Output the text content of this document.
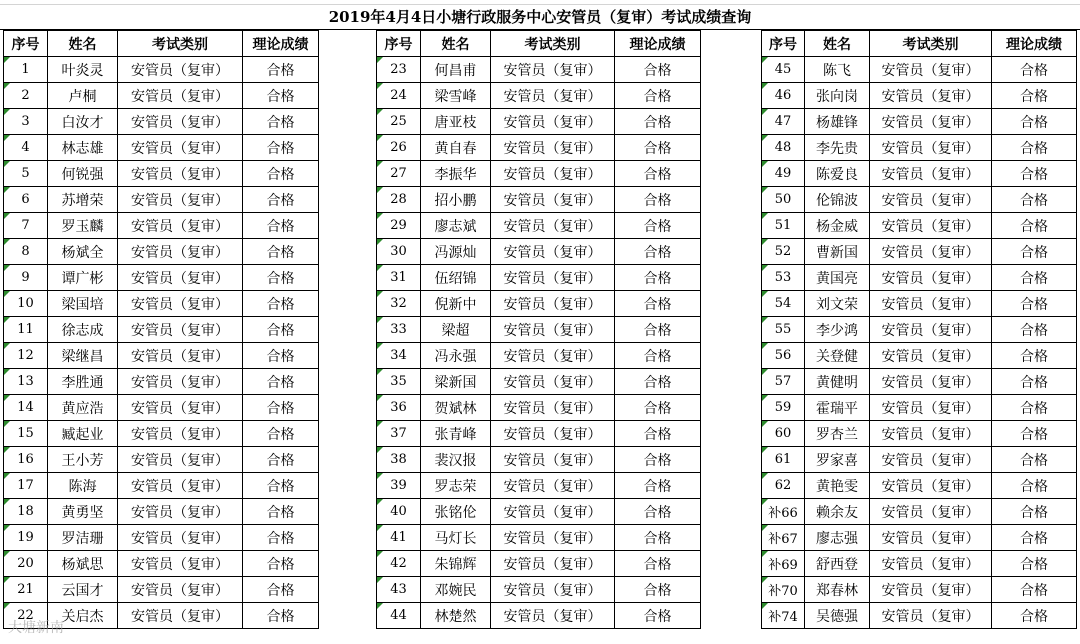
2019年4月4日小塘行政服务中心安管员（复审）考试成绩查询
序号	姓名	考试类别	理论成绩
1	叶炎灵	安管员（复审）	合格
2	卢桐	安管员（复审）	合格
3	白汝才	安管员（复审）	合格
4	林志雄	安管员（复审）	合格
5	何锐强	安管员（复审）	合格
6	苏增荣	安管员（复审）	合格
7	罗玉麟	安管员（复审）	合格
8	杨斌全	安管员（复审）	合格
9	谭广彬	安管员（复审）	合格
10	梁国培	安管员（复审）	合格
11	徐志成	安管员（复审）	合格
12	梁继昌	安管员（复审）	合格
13	李胜通	安管员（复审）	合格
14	黄应浩	安管员（复审）	合格
15	臧起业	安管员（复审）	合格
16	王小芳	安管员（复审）	合格
17	陈海	安管员（复审）	合格
18	黄勇坚	安管员（复审）	合格
19	罗洁珊	安管员（复审）	合格
20	杨斌思	安管员（复审）	合格
21	云国才	安管员（复审）	合格
22	关启杰	安管员（复审）	合格
序号	姓名	考试类别	理论成绩
23	何昌甫	安管员（复审）	合格
24	梁雪峰	安管员（复审）	合格
25	唐亚枝	安管员（复审）	合格
26	黄自春	安管员（复审）	合格
27	李振华	安管员（复审）	合格
28	招小鹏	安管员（复审）	合格
29	廖志斌	安管员（复审）	合格
30	冯源灿	安管员（复审）	合格
31	伍绍锦	安管员（复审）	合格
32	倪新中	安管员（复审）	合格
33	梁超	安管员（复审）	合格
34	冯永强	安管员（复审）	合格
35	梁新国	安管员（复审）	合格
36	贺斌林	安管员（复审）	合格
37	张青峰	安管员（复审）	合格
38	裴汉报	安管员（复审）	合格
39	罗志荣	安管员（复审）	合格
40	张铭伦	安管员（复审）	合格
41	马灯长	安管员（复审）	合格
42	朱锦辉	安管员（复审）	合格
43	邓婉民	安管员（复审）	合格
44	林楚然	安管员（复审）	合格
序号	姓名	考试类别	理论成绩
45	陈飞	安管员（复审）	合格
46	张向岗	安管员（复审）	合格
47	杨雄锋	安管员（复审）	合格
48	李先贵	安管员（复审）	合格
49	陈爱良	安管员（复审）	合格
50	伦锦波	安管员（复审）	合格
51	杨金威	安管员（复审）	合格
52	曹新国	安管员（复审）	合格
53	黄国亮	安管员（复审）	合格
54	刘文荣	安管员（复审）	合格
55	李少鸿	安管员（复审）	合格
56	关登健	安管员（复审）	合格
57	黄健明	安管员（复审）	合格
59	霍瑞平	安管员（复审）	合格
60	罗杏兰	安管员（复审）	合格
61	罗家喜	安管员（复审）	合格
62	黄艳雯	安管员（复审）	合格
补66	赖余友	安管员（复审）	合格
补67	廖志强	安管员（复审）	合格
补69	舒西登	安管员（复审）	合格
补70	郑春林	安管员（复审）	合格
补74	吴德强	安管员（复审）	合格
大塘新南
